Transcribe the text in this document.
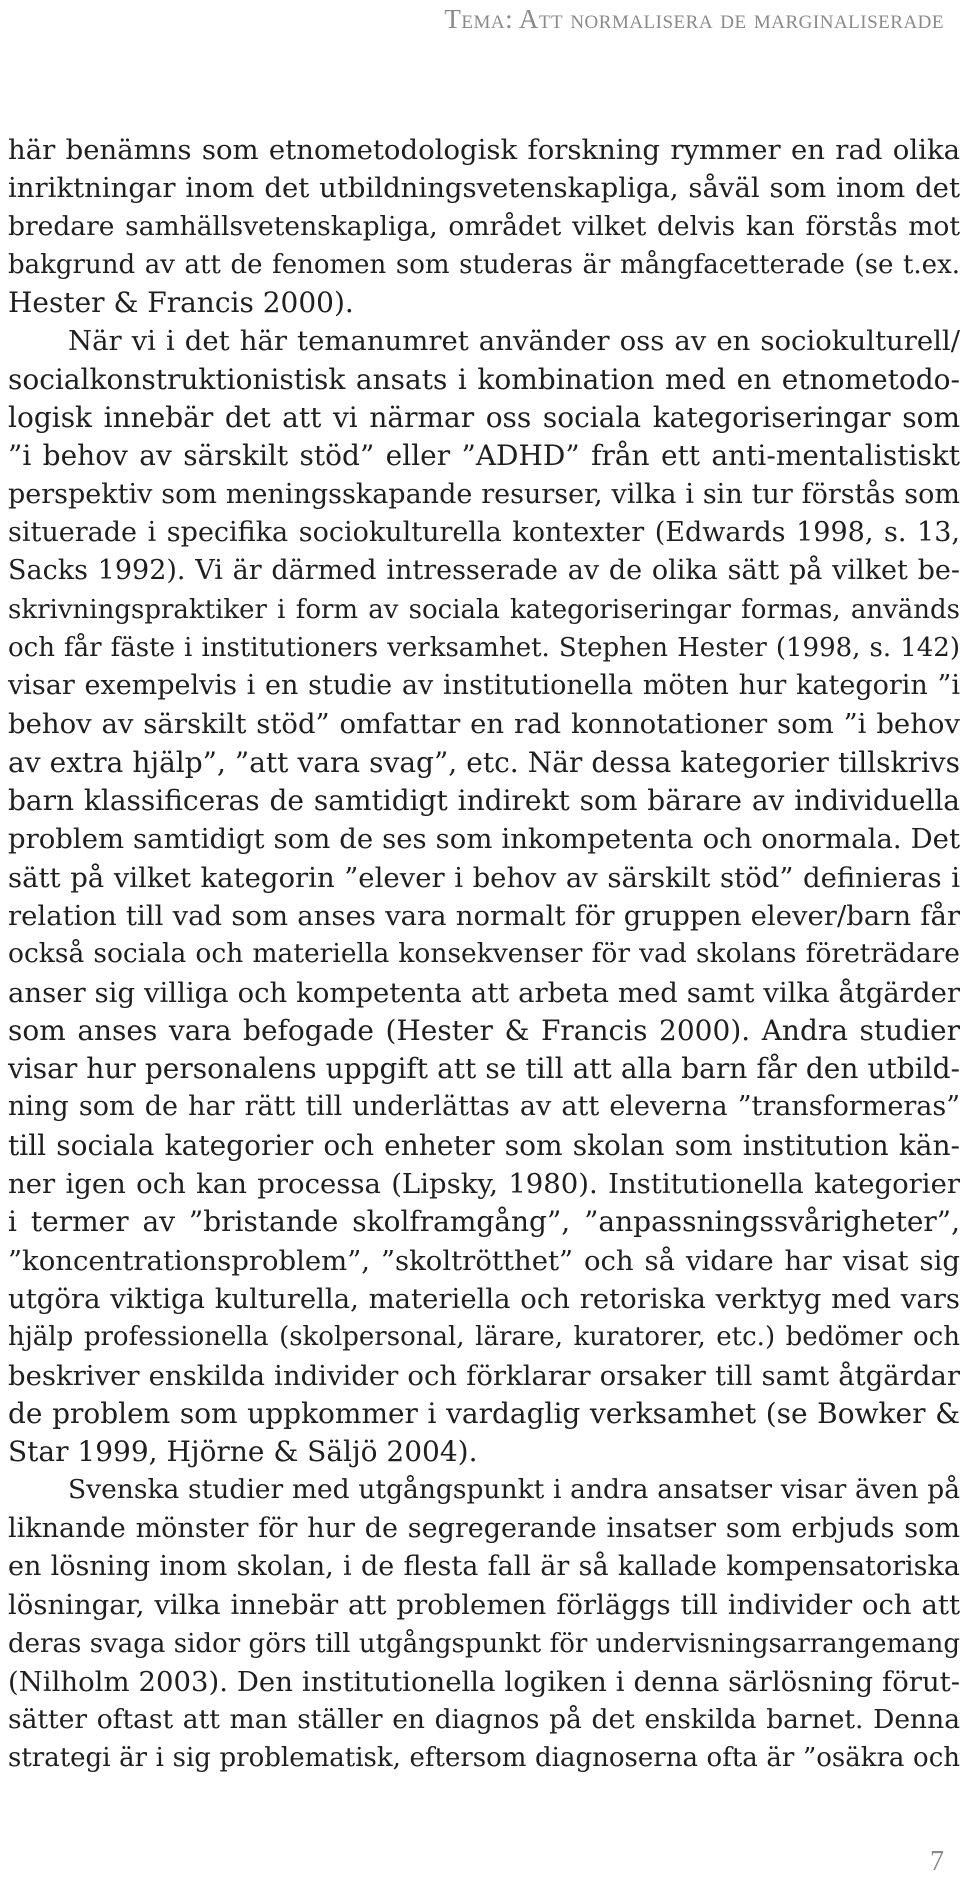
Tema: Att normalisera de marginaliserade
här benämns som etnometodologisk forskning rymmer en rad olika
inriktningar inom det utbildningsvetenskapliga, såväl som inom det
bredare samhällsvetenskapliga, området vilket delvis kan förstås mot
bakgrund av att de fenomen som studeras är mångfacetterade (se t.ex.
Hester & Francis 2000).
När vi i det här temanumret använder oss av en sociokulturell/
socialkonstruktionistisk ansats i kombination med en etnometodo-
logisk innebär det att vi närmar oss sociala kategoriseringar som
”i behov av särskilt stöd” eller ”ADHD” från ett anti-mentalistiskt
perspektiv som meningsskapande resurser, vilka i sin tur förstås som
situerade i specifika sociokulturella kontexter (Edwards 1998, s. 13,
Sacks 1992). Vi är därmed intresserade av de olika sätt på vilket be-
skrivningspraktiker i form av sociala kategoriseringar formas, används
och får fäste i institutioners verksamhet. Stephen Hester (1998, s. 142)
visar exempelvis i en studie av institutionella möten hur kategorin ”i
behov av särskilt stöd” omfattar en rad konnotationer som ”i behov
av extra hjälp”, ”att vara svag”, etc. När dessa kategorier tillskrivs
barn klassificeras de samtidigt indirekt som bärare av individuella
problem samtidigt som de ses som inkompetenta och onormala. Det
sätt på vilket kategorin ”elever i behov av särskilt stöd” definieras i
relation till vad som anses vara normalt för gruppen elever/barn får
också sociala och materiella konsekvenser för vad skolans företrädare
anser sig villiga och kompetenta att arbeta med samt vilka åtgärder
som anses vara befogade (Hester & Francis 2000). Andra studier
visar hur personalens uppgift att se till att alla barn får den utbild-
ning som de har rätt till underlättas av att eleverna ”transformeras”
till sociala kategorier och enheter som skolan som institution kän-
ner igen och kan processa (Lipsky, 1980). Institutionella kategorier
i termer av ”bristande skolframgång”, ”anpassningssvårigheter”,
”koncentrationsproblem”, ”skoltrötthet” och så vidare har visat sig
utgöra viktiga kulturella, materiella och retoriska verktyg med vars
hjälp professionella (skolpersonal, lärare, kuratorer, etc.) bedömer och
beskriver enskilda individer och förklarar orsaker till samt åtgärdar
de problem som uppkommer i vardaglig verksamhet (se Bowker &
Star 1999, Hjörne & Säljö 2004).
Svenska studier med utgångspunkt i andra ansatser visar även på
liknande mönster för hur de segregerande insatser som erbjuds som
en lösning inom skolan, i de flesta fall är så kallade kompensatoriska
lösningar, vilka innebär att problemen förläggs till individer och att
deras svaga sidor görs till utgångspunkt för undervisningsarrangemang
(Nilholm 2003). Den institutionella logiken i denna särlösning förut-
sätter oftast att man ställer en diagnos på det enskilda barnet. Denna
strategi är i sig problematisk, eftersom diagnoserna ofta är ”osäkra och
7
